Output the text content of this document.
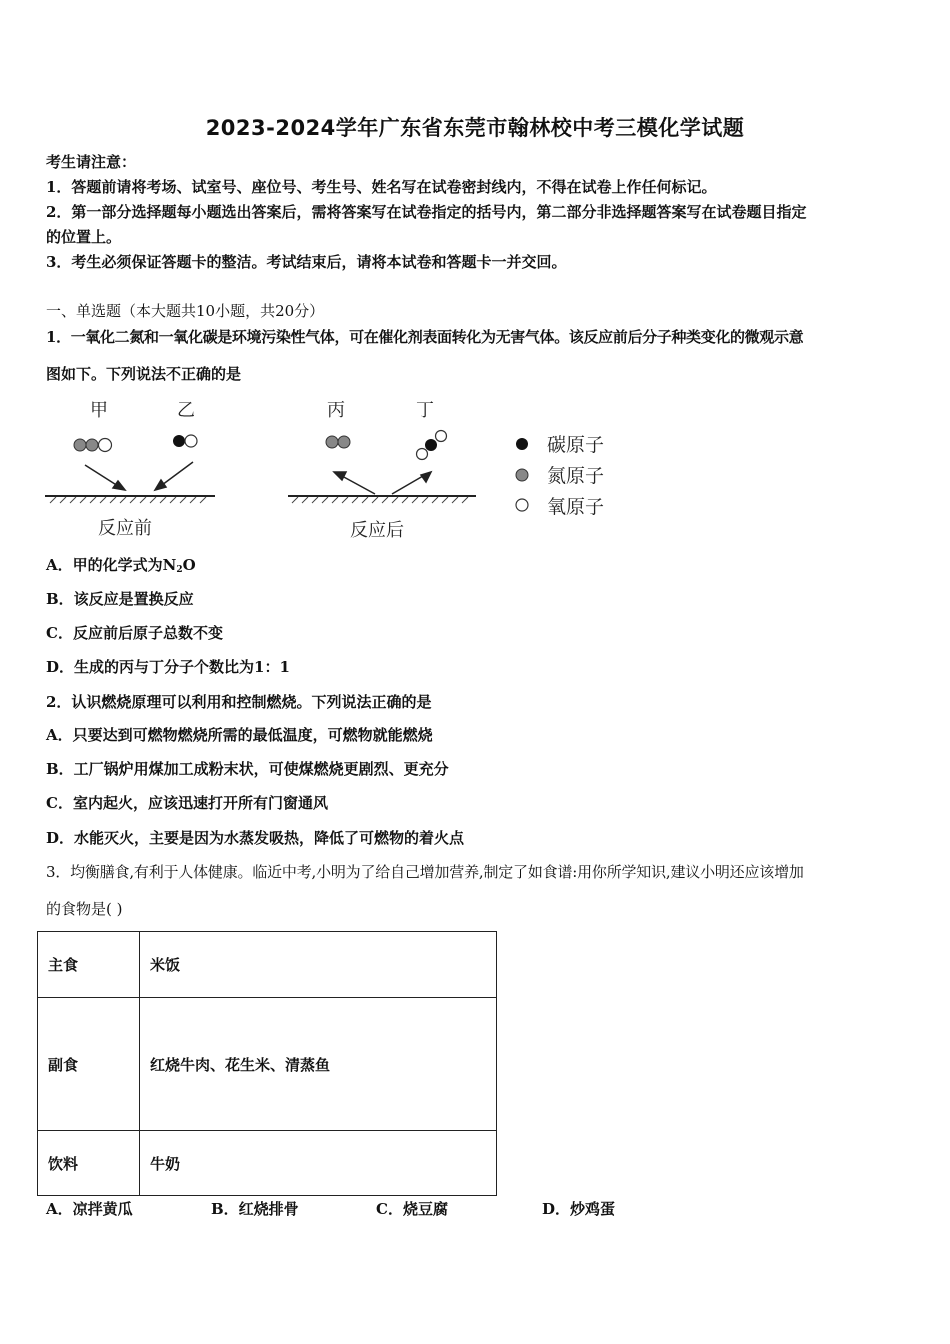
2023-2024学年广东省东莞市翰林校中考三模化学试题
考生请注意：
1．答题前请将考场、试室号、座位号、考生号、姓名写在试卷密封线内，不得在试卷上作任何标记。
2．第一部分选择题每小题选出答案后，需将答案写在试卷指定的括号内，第二部分非选择题答案写在试卷题目指定
的位置上。
3．考生必须保证答题卡的整洁。考试结束后，请将本试卷和答题卡一并交回。
一、单选题（本大题共10小题，共20分）
1．一氧化二氮和一氧化碳是环境污染性气体，可在催化剂表面转化为无害气体。该反应前后分子种类变化的微观示意
图如下。下列说法不正确的是
甲	乙	丙	丁
反应前	反应后
碳原子
氮原子
氧原子
A．甲的化学式为$N_2O$
B．该反应是置换反应
C．反应前后原子总数不变
D．生成的丙与丁分子个数比为1：1
2．认识燃烧原理可以利用和控制燃烧。下列说法正确的是
A．只要达到可燃物燃烧所需的最低温度，可燃物就能燃烧
B．工厂锅炉用煤加工成粉末状，可使煤燃烧更剧烈、更充分
C．室内起火，应该迅速打开所有门窗通风
D．水能灭火，主要是因为水蒸发吸热，降低了可燃物的着火点
3．均衡膳食,有利于人体健康。临近中考,小明为了给自己增加营养,制定了如食谱:用你所学知识,建议小明还应该增加
的食物是( )
主食	米饭
副食	红烧牛肉、花生米、清蒸鱼
饮料	牛奶
A．凉拌黄瓜	B．红烧排骨	C．烧豆腐	D．炒鸡蛋
